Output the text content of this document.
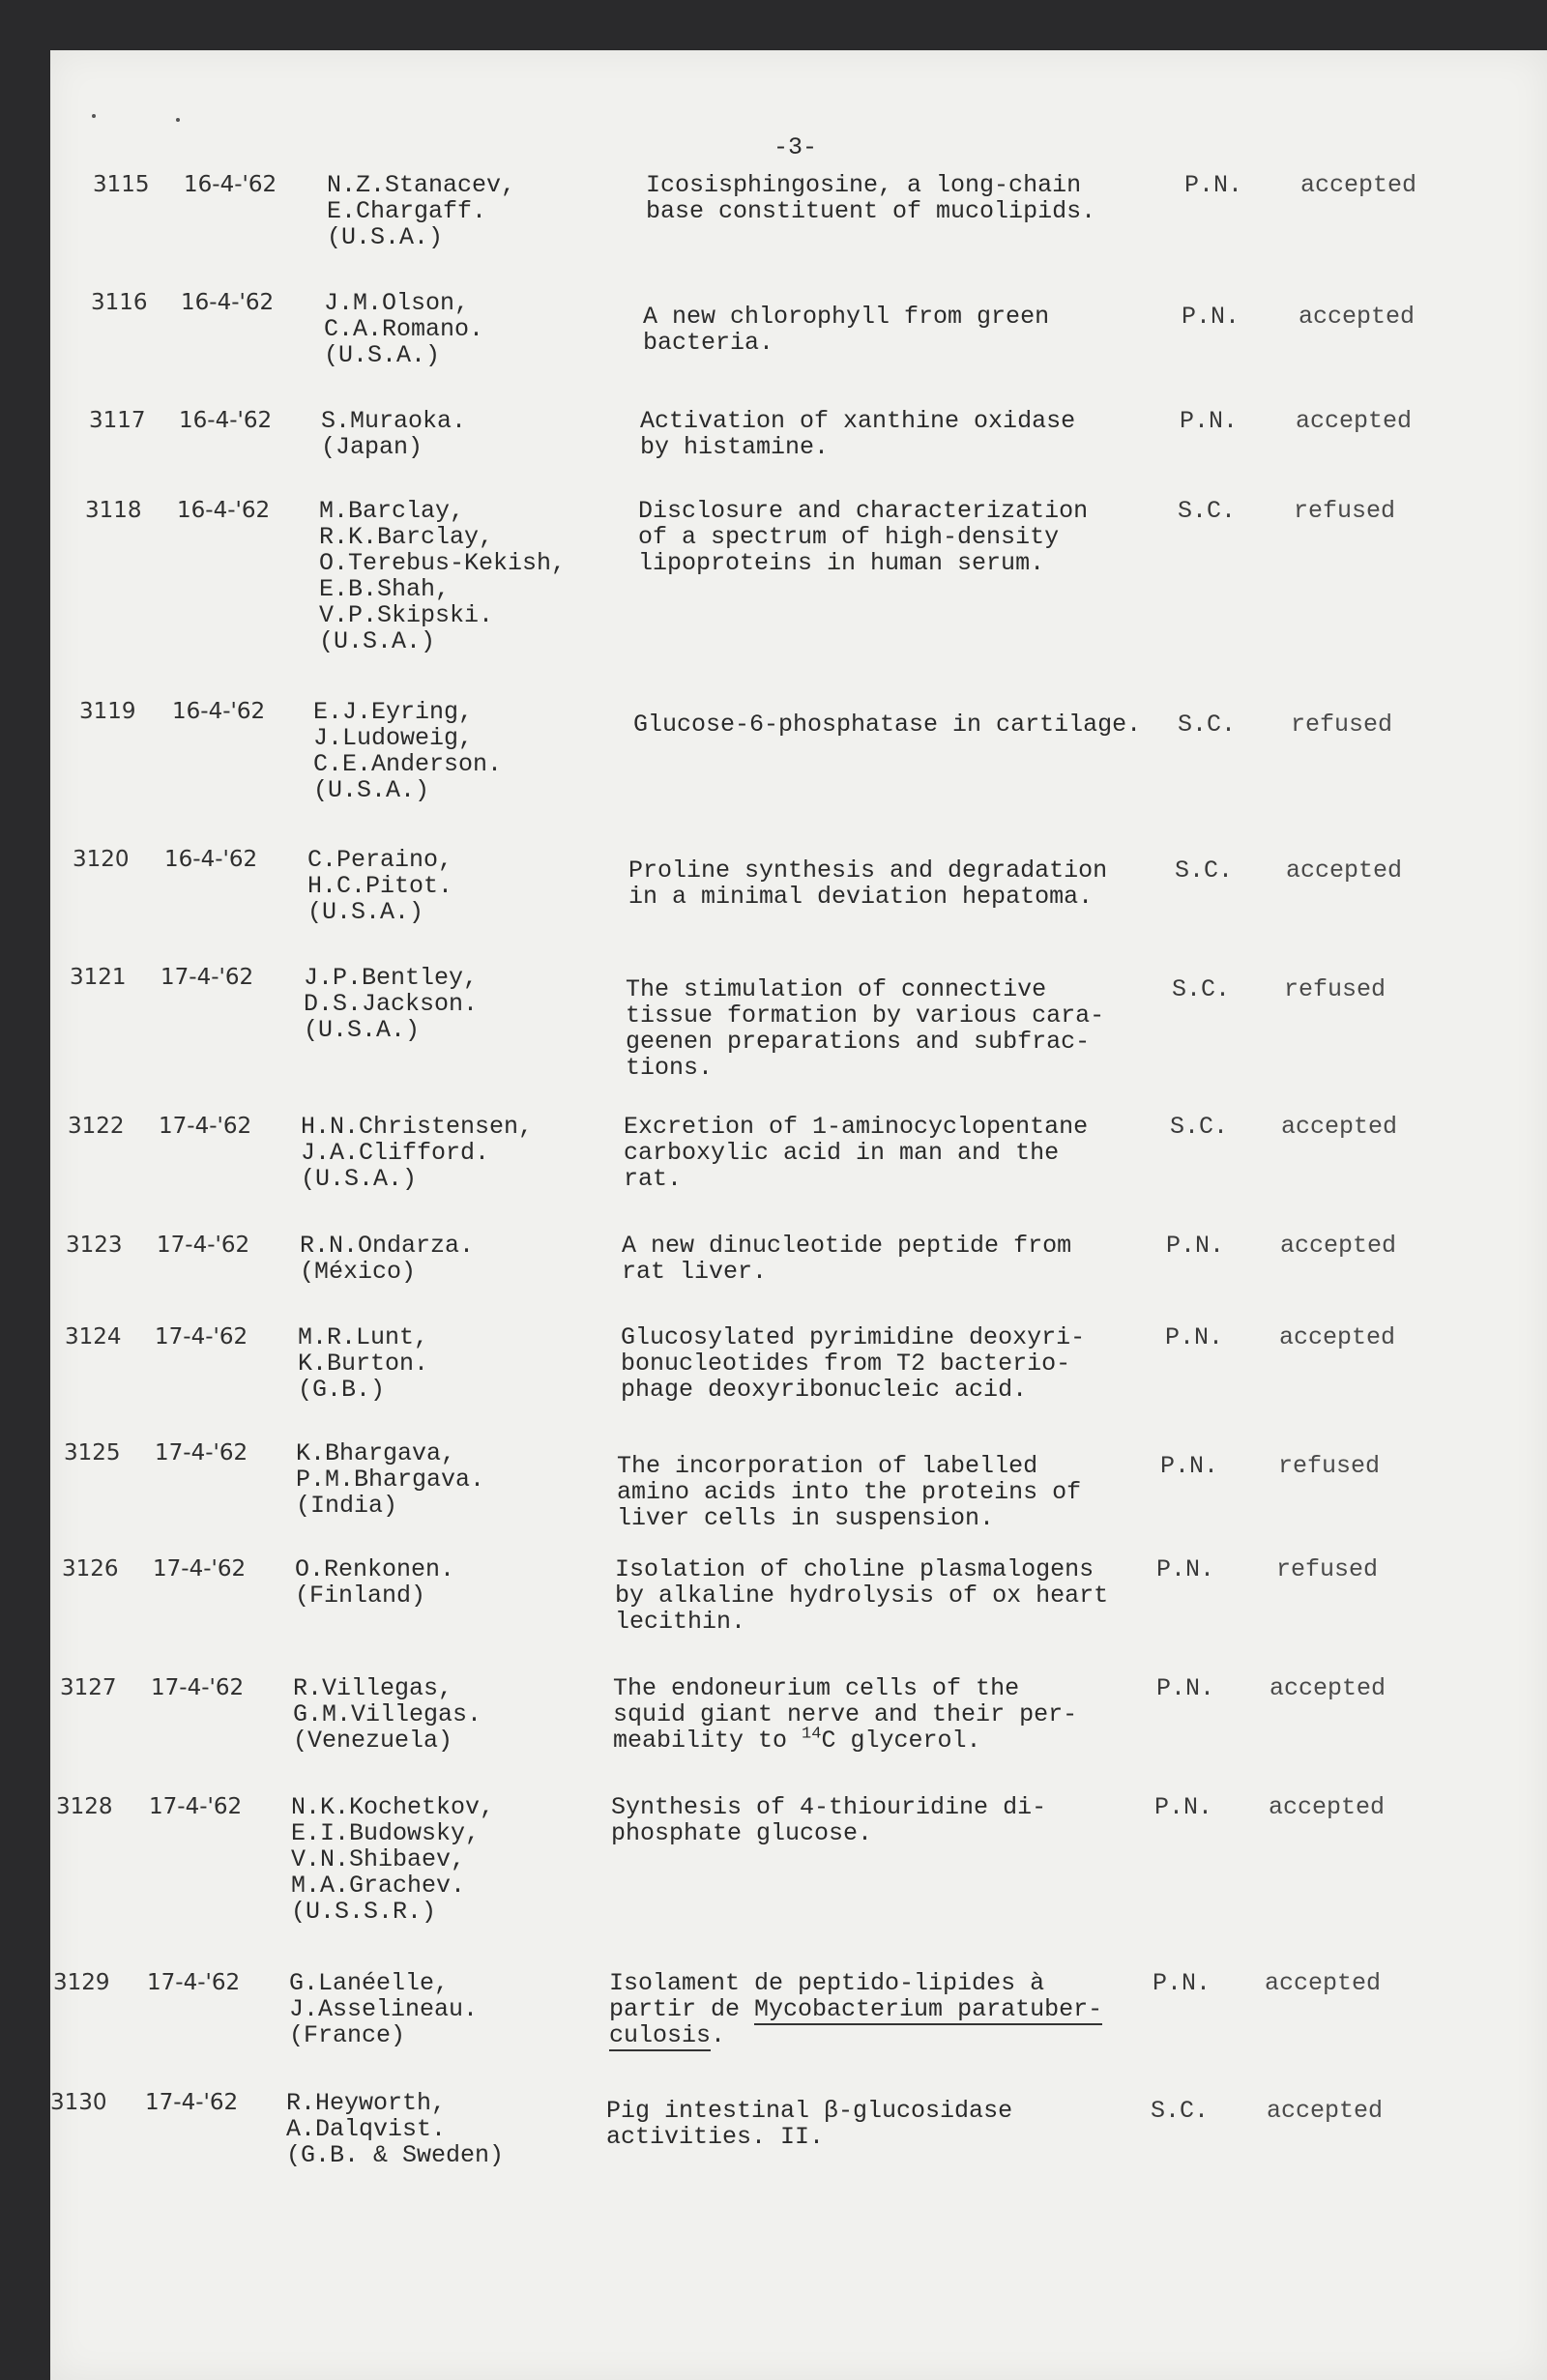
-3-
3115 16-4-'62 N.Z.Stanacev,
E.Chargaff.
(U.S.A.)
Icosisphingosine, a long-chain
base constituent of mucolipids.
P.N. accepted
3116 16-4-'62 J.M.Olson,
C.A.Romano.
(U.S.A.)
A new chlorophyll from green
bacteria.
P.N. accepted
3117 16-4-'62 S.Muraoka.
(Japan)
Activation of xanthine oxidase
by histamine.
P.N. accepted
3118 16-4-'62 M.Barclay,
R.K.Barclay,
O.Terebus-Kekish,
E.B.Shah,
V.P.Skipski.
(U.S.A.)
Disclosure and characterization
of a spectrum of high-density
lipoproteins in human serum.
S.C. refused
3119 16-4-'62 E.J.Eyring,
J.Ludoweig,
C.E.Anderson.
(U.S.A.)
Glucose-6-phosphatase in cartilage. S.C. refused
3120 16-4-'62 C.Peraino,
H.C.Pitot.
(U.S.A.)
Proline synthesis and degradation
in a minimal deviation hepatoma.
S.C. accepted
3121 17-4-'62 J.P.Bentley,
D.S.Jackson.
(U.S.A.)
The stimulation of connective
tissue formation by various cara-
geenen preparations and subfrac-
tions.
S.C. refused
3122 17-4-'62 H.N.Christensen,
J.A.Clifford.
(U.S.A.)
Excretion of 1-aminocyclopentane
carboxylic acid in man and the
rat.
S.C. accepted
3123 17-4-'62 R.N.Ondarza.
(México)
A new dinucleotide peptide from
rat liver.
P.N. accepted
3124 17-4-'62 M.R.Lunt,
K.Burton.
(G.B.)
Glucosylated pyrimidine deoxyri-
bonucleotides from T2 bacterio-
phage deoxyribonucleic acid.
P.N. accepted
3125 17-4-'62 K.Bhargava,
P.M.Bhargava.
(India)
The incorporation of labelled
amino acids into the proteins of
liver cells in suspension.
P.N. refused
3126 17-4-'62 O.Renkonen.
(Finland)
Isolation of choline plasmalogens
by alkaline hydrolysis of ox heart
lecithin.
P.N.	refused
3127 17-4-'62 R.Villegas,
G.M.Villegas.
(Venezuela)
The endoneurium cells of the
squid giant nerve and their per-
meability to $^{14}$C glycerol.
P.N. accepted
3128 17-4-'62 N.K.Kochetkov,
E.I.Budowsky,
V.N.Shibaev,
M.A.Grachev.
(U.S.S.R.)
Synthesis of 4-thiouridine di-
phosphate glucose.
P.N. accepted
3129 17-4-'62 G.Lanéelle,
J.Asselineau.
(France)
Isolament de peptido-lipides à
partir de Mycobacterium paratuber-
culosis.
P.N. accepted
3130 17-4-'62 R.Heyworth,
A.Dalqvist.
(G.B. & Sweden)
Pig intestinal β-glucosidase
activities. II.
S.C. accepted
